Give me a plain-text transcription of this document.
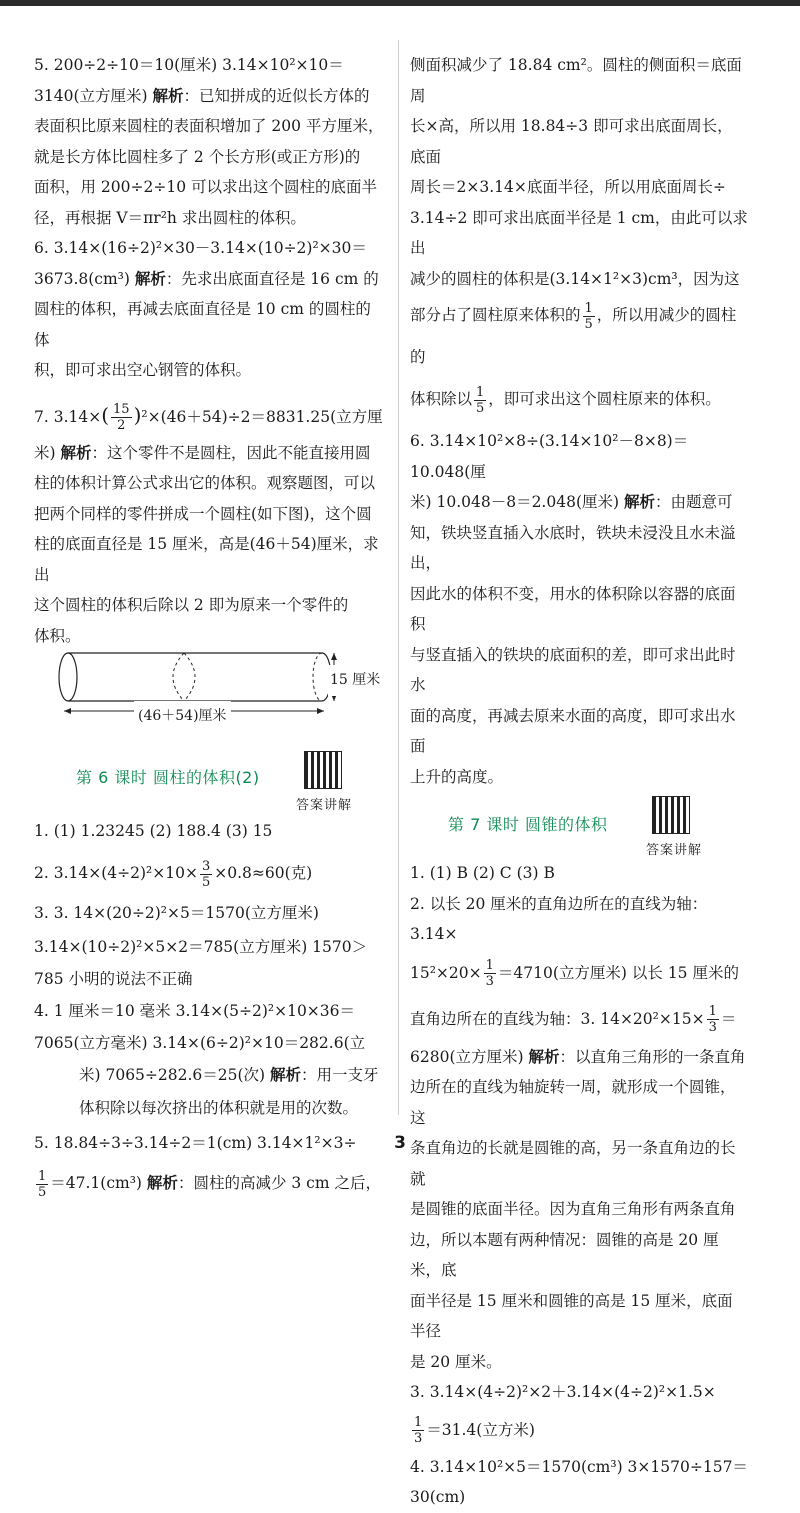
5. 200÷2÷10＝10(厘米) 3.14×10²×10＝

3140(立方厘米) 解析：已知拼成的近似长方体的

表面积比原来圆柱的表面积增加了 200 平方厘米，

就是长方体比圆柱多了 2 个长方形(或正方形)的

面积，用 200÷2÷10 可以求出这个圆柱的底面半

径，再根据 V＝πr²h 求出圆柱的体积。

6. 3.14×(16÷2)²×30－3.14×(10÷2)²×30＝

3673.8(cm³) 解析：先求出底面直径是 16 cm 的

圆柱的体积，再减去底面直径是 10 cm 的圆柱的体

积，即可求出空心钢管的体积。

7. $3.14\times( \frac{15}{2} )^2\times(46+54)\div 2=8831.25$(立方厘

米) 解析：这个零件不是圆柱，因此不能直接用圆

柱的体积计算公式求出它的体积。观察题图，可以

把两个同样的零件拼成一个圆柱(如下图)，这个圆

柱的底面直径是 15 厘米，高是(46＋54)厘米，求出

这个圆柱的体积后除以 2 即为原来一个零件的

体积。

15 厘米
(46＋54)厘米
第 6 课时 圆柱的体积(2)
答案讲解

1. (1) 1.23245 (2) 188.4 (3) 15

2. $3.14\times(4\div 2)^2\times 10\times \frac{3}{5} \times 0.8\approx 60$(克)

3. 3. 14×(20÷2)²×5＝1570(立方厘米)

3.14×(10÷2)²×5×2＝785(立方厘米) 1570＞

785 小明的说法不正确

4. 1 厘米＝10 毫米 3.14×(5÷2)²×10×36＝

7065(立方毫米) 3.14×(6÷2)²×10＝282.6(立

米) 7065÷282.6＝25(次) 解析：用一支牙

体积除以每次挤出的体积就是用的次数。

5. 18.84÷3÷3.14÷2＝1(cm) 3.14×1²×3÷

$\frac{1}{5} =47.1(cm^3)$ 解析：圆柱的高减少 3 cm 之后，

侧面积减少了 18.84 cm²。圆柱的侧面积＝底面周

长×高，所以用 18.84÷3 即可求出底面周长，底面

周长＝2×3.14×底面半径，所以用底面周长÷

3.14÷2 即可求出底面半径是 1 cm，由此可以求出

减少的圆柱的体积是(3.14×1²×3)cm³，因为这

部分占了圆柱原来体积的 $\frac{1}{5}$ ，所以用减少的圆柱的

体积除以 $\frac{1}{5}$ ，即可求出这个圆柱原来的体积。

6. 3.14×10²×8÷(3.14×10²－8×8)＝10.048(厘

米) 10.048－8＝2.048(厘米) 解析：由题意可

知，铁块竖直插入水底时，铁块未浸没且水未溢出，

因此水的体积不变，用水的体积除以容器的底面积

与竖直插入的铁块的底面积的差，即可求出此时水

面的高度，再减去原来水面的高度，即可求出水面

上升的高度。

第 7 课时 圆锥的体积
答案讲解

1. (1) B (2) C (3) B

2. 以长 20 厘米的直角边所在的直线为轴：3.14×

$15^2\times 20\times \frac{1}{3} =4710$(立方厘米) 以长 15 厘米的

直角边所在的直线为轴：3. $14\times 20^2\times 15\times \frac{1}{3}$ ＝

6280(立方厘米) 解析：以直角三角形的一条直角

边所在的直线为轴旋转一周，就形成一个圆锥，这

条直角边的长就是圆锥的高，另一条直角边的长就

是圆锥的底面半径。因为直角三角形有两条直角

边，所以本题有两种情况：圆锥的高是 20 厘米，底

面半径是 15 厘米和圆锥的高是 15 厘米，底面半径

是 20 厘米。

3. 3.14×(4÷2)²×2＋3.14×(4÷2)²×1.5×

$\frac{1}{3} =31.4$(立方米)

4. 3.14×10²×5＝1570(cm³) 3×1570÷157＝

30(cm)

3
